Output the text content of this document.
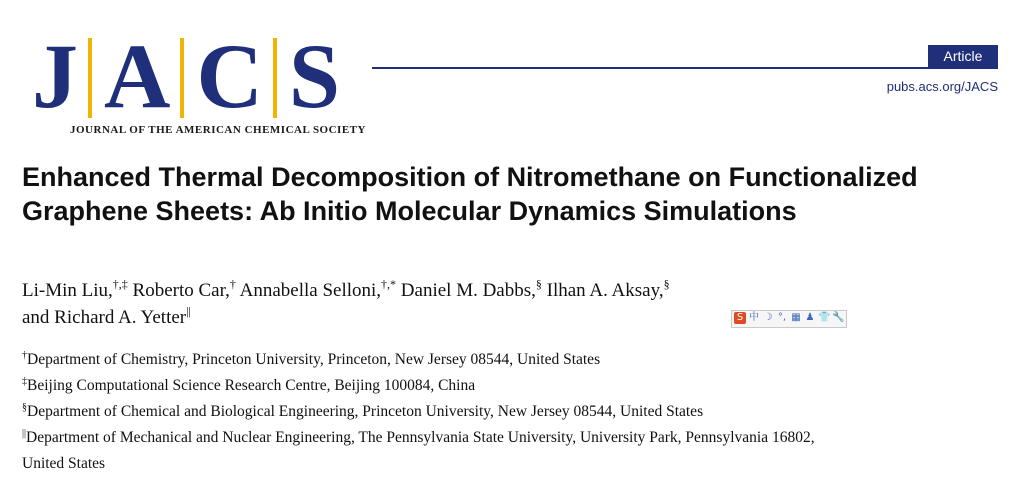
J A C S
JOURNAL OF THE AMERICAN CHEMICAL SOCIETY
Article
pubs.acs.org/JACS
Enhanced Thermal Decomposition of Nitromethane on Functionalized Graphene Sheets: Ab Initio Molecular Dynamics Simulations
Li-Min Liu,†,‡ Roberto Car,† Annabella Selloni,†,* Daniel M. Dabbs,§ Ilhan A. Aksay,§
and Richard A. Yetter||	S 中 ☽ °, ▦ ♟ 👕 🔧
†Department of Chemistry, Princeton University, Princeton, New Jersey 08544, United States
‡Beijing Computational Science Research Centre, Beijing 100084, China
§Department of Chemical and Biological Engineering, Princeton University, New Jersey 08544, United States
||Department of Mechanical and Nuclear Engineering, The Pennsylvania State University, University Park, Pennsylvania 16802,
United States
